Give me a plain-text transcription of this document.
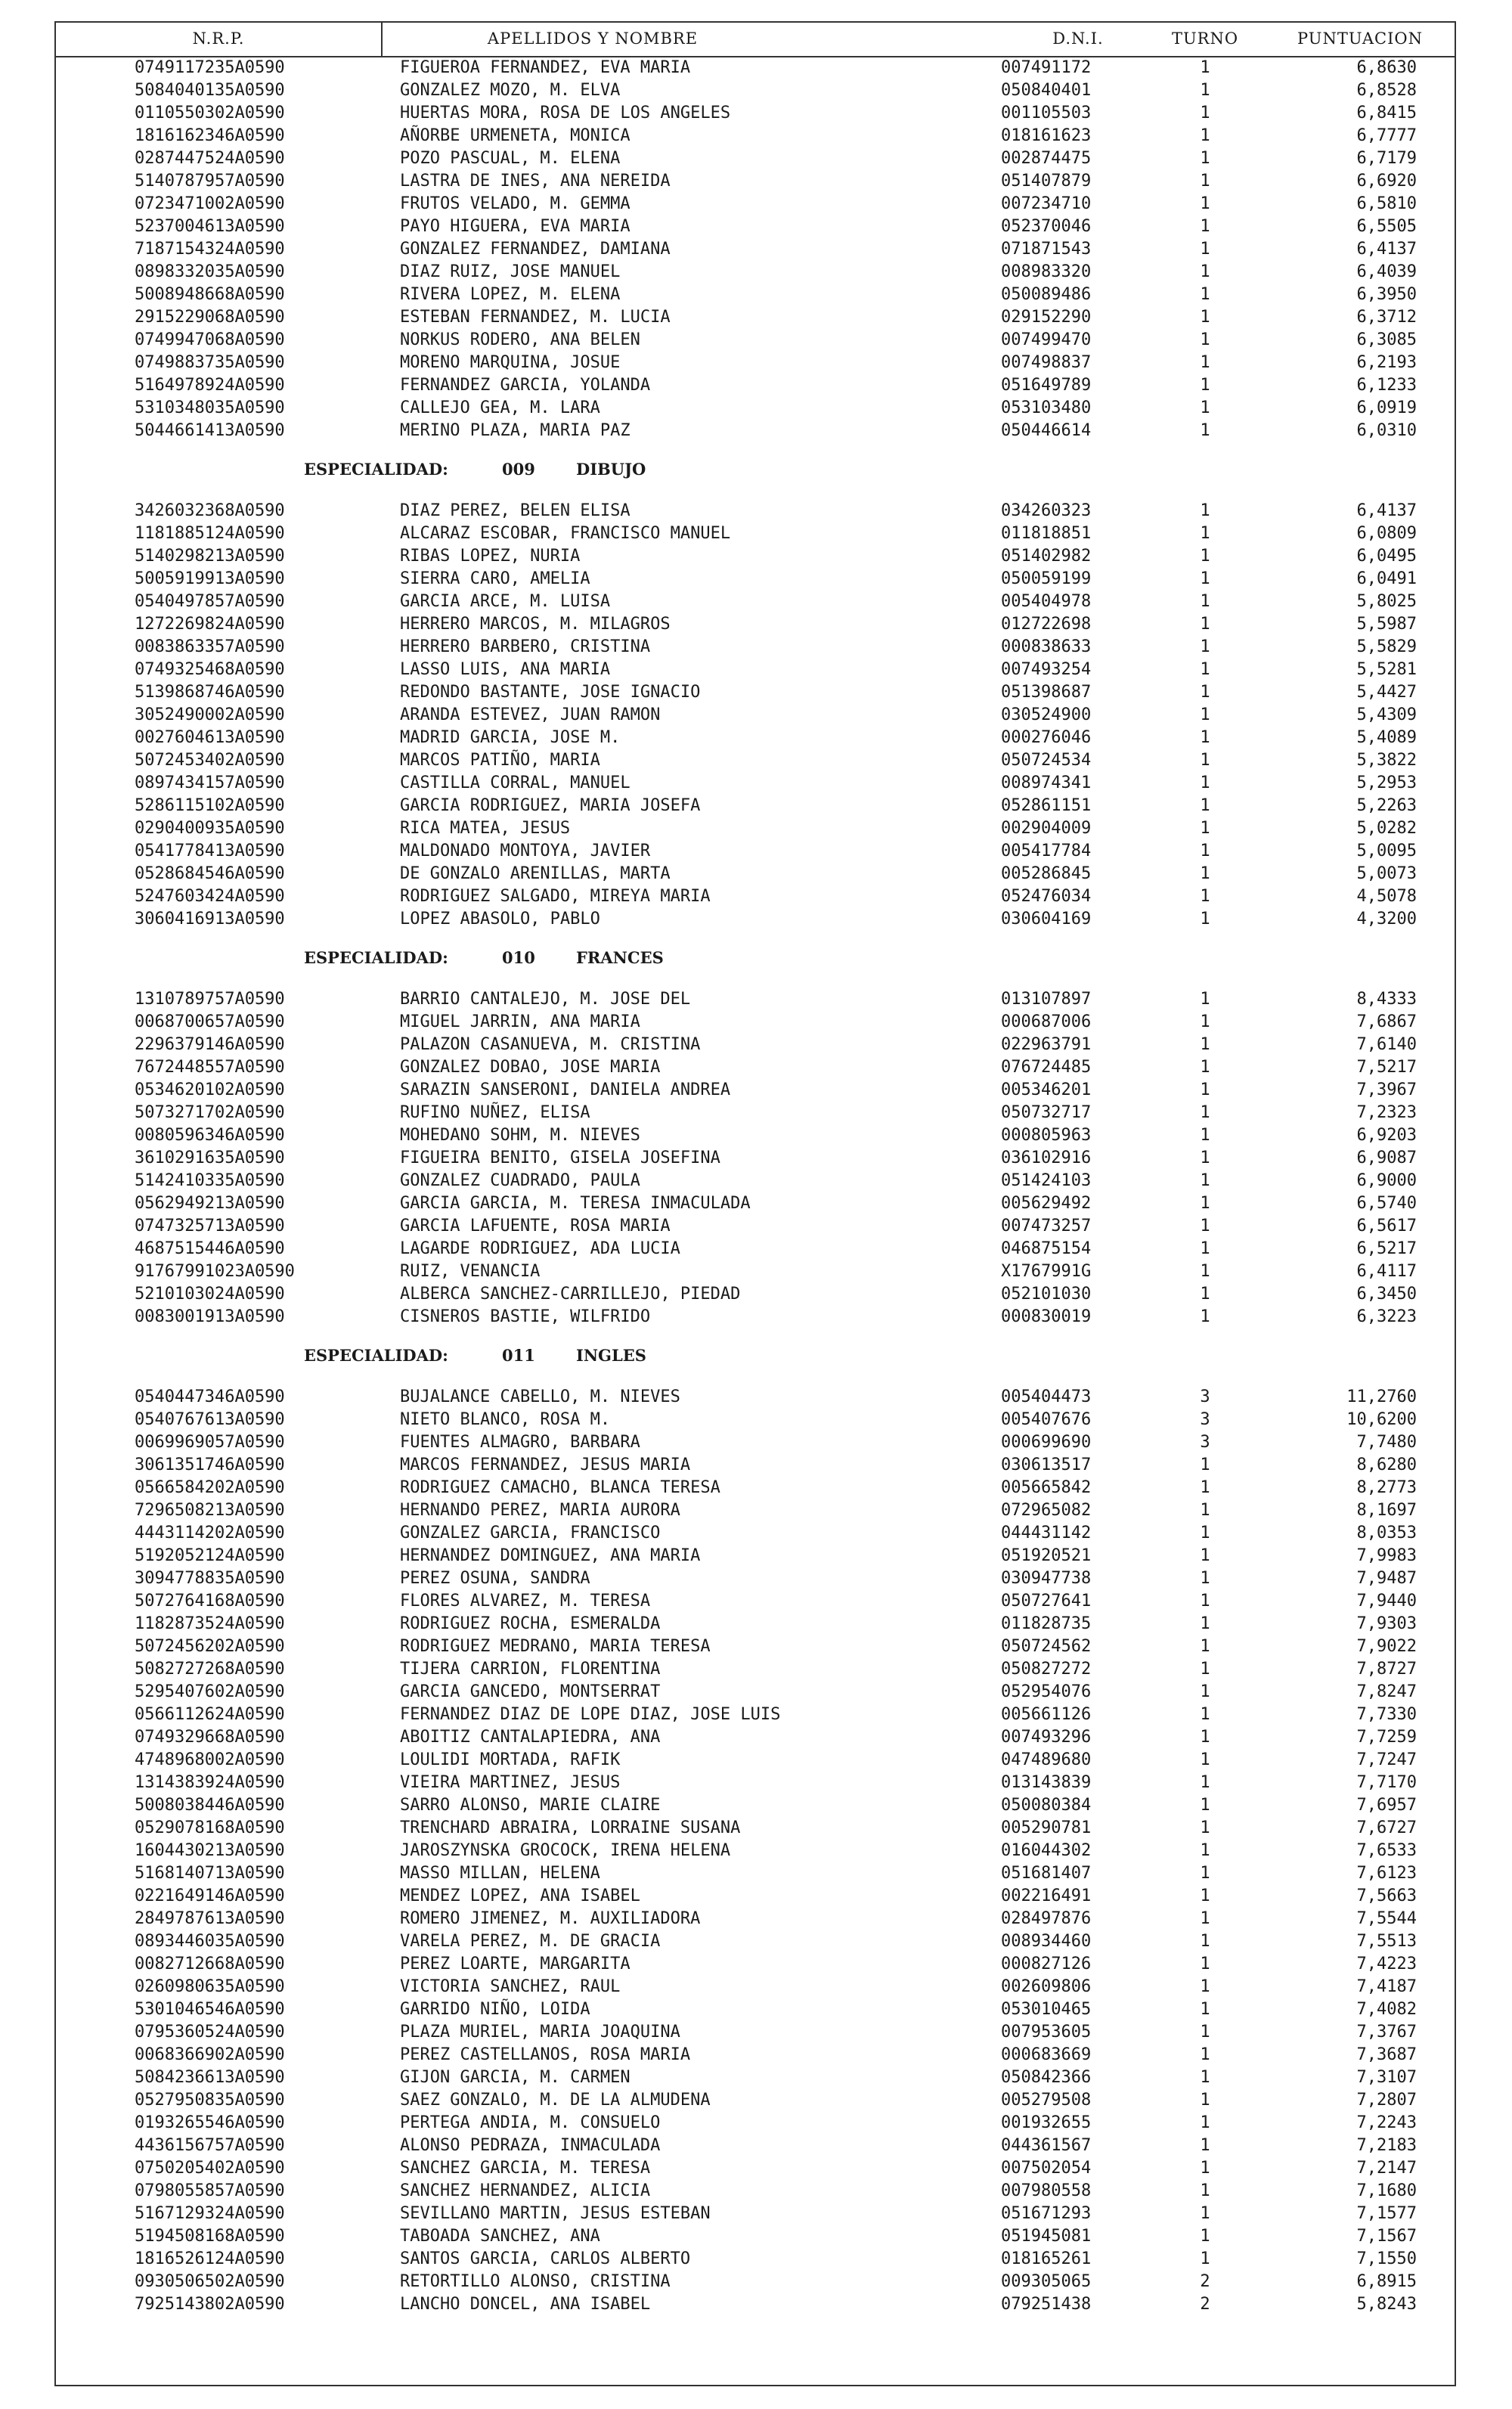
N.R.P.	APELLIDOS Y NOMBRE	D.N.I.	TURNO	PUNTUACION
0749117235A0590	FIGUEROA FERNANDEZ, EVA MARIA	007491172	1	6,8630
5084040135A0590	GONZALEZ MOZO, M. ELVA	050840401	1	6,8528
0110550302A0590	HUERTAS MORA, ROSA DE LOS ANGELES	001105503	1	6,8415
1816162346A0590	AÑORBE URMENETA, MONICA	018161623	1	6,7777
0287447524A0590	POZO PASCUAL, M. ELENA	002874475	1	6,7179
5140787957A0590	LASTRA DE INES, ANA NEREIDA	051407879	1	6,6920
0723471002A0590	FRUTOS VELADO, M. GEMMA	007234710	1	6,5810
5237004613A0590	PAYO HIGUERA, EVA MARIA	052370046	1	6,5505
7187154324A0590	GONZALEZ FERNANDEZ, DAMIANA	071871543	1	6,4137
0898332035A0590	DIAZ RUIZ, JOSE MANUEL	008983320	1	6,4039
5008948668A0590	RIVERA LOPEZ, M. ELENA	050089486	1	6,3950
2915229068A0590	ESTEBAN FERNANDEZ, M. LUCIA	029152290	1	6,3712
0749947068A0590	NORKUS RODERO, ANA BELEN	007499470	1	6,3085
0749883735A0590	MORENO MARQUINA, JOSUE	007498837	1	6,2193
5164978924A0590	FERNANDEZ GARCIA, YOLANDA	051649789	1	6,1233
5310348035A0590	CALLEJO GEA, M. LARA	053103480	1	6,0919
5044661413A0590	MERINO PLAZA, MARIA PAZ	050446614	1	6,0310
ESPECIALIDAD:	009	DIBUJO
3426032368A0590	DIAZ PEREZ, BELEN ELISA	034260323	1	6,4137
1181885124A0590	ALCARAZ ESCOBAR, FRANCISCO MANUEL	011818851	1	6,0809
5140298213A0590	RIBAS LOPEZ, NURIA	051402982	1	6,0495
5005919913A0590	SIERRA CARO, AMELIA	050059199	1	6,0491
0540497857A0590	GARCIA ARCE, M. LUISA	005404978	1	5,8025
1272269824A0590	HERRERO MARCOS, M. MILAGROS	012722698	1	5,5987
0083863357A0590	HERRERO BARBERO, CRISTINA	000838633	1	5,5829
0749325468A0590	LASSO LUIS, ANA MARIA	007493254	1	5,5281
5139868746A0590	REDONDO BASTANTE, JOSE IGNACIO	051398687	1	5,4427
3052490002A0590	ARANDA ESTEVEZ, JUAN RAMON	030524900	1	5,4309
0027604613A0590	MADRID GARCIA, JOSE M.	000276046	1	5,4089
5072453402A0590	MARCOS PATIÑO, MARIA	050724534	1	5,3822
0897434157A0590	CASTILLA CORRAL, MANUEL	008974341	1	5,2953
5286115102A0590	GARCIA RODRIGUEZ, MARIA JOSEFA	052861151	1	5,2263
0290400935A0590	RICA MATEA, JESUS	002904009	1	5,0282
0541778413A0590	MALDONADO MONTOYA, JAVIER	005417784	1	5,0095
0528684546A0590	DE GONZALO ARENILLAS, MARTA	005286845	1	5,0073
5247603424A0590	RODRIGUEZ SALGADO, MIREYA MARIA	052476034	1	4,5078
3060416913A0590	LOPEZ ABASOLO, PABLO	030604169	1	4,3200
ESPECIALIDAD:	010	FRANCES
1310789757A0590	BARRIO CANTALEJO, M. JOSE DEL	013107897	1	8,4333
0068700657A0590	MIGUEL JARRIN, ANA MARIA	000687006	1	7,6867
2296379146A0590	PALAZON CASANUEVA, M. CRISTINA	022963791	1	7,6140
7672448557A0590	GONZALEZ DOBAO, JOSE MARIA	076724485	1	7,5217
0534620102A0590	SARAZIN SANSERONI, DANIELA ANDREA	005346201	1	7,3967
5073271702A0590	RUFINO NUÑEZ, ELISA	050732717	1	7,2323
0080596346A0590	MOHEDANO SOHM, M. NIEVES	000805963	1	6,9203
3610291635A0590	FIGUEIRA BENITO, GISELA JOSEFINA	036102916	1	6,9087
5142410335A0590	GONZALEZ CUADRADO, PAULA	051424103	1	6,9000
0562949213A0590	GARCIA GARCIA, M. TERESA INMACULADA	005629492	1	6,5740
0747325713A0590	GARCIA LAFUENTE, ROSA MARIA	007473257	1	6,5617
4687515446A0590	LAGARDE RODRIGUEZ, ADA LUCIA	046875154	1	6,5217
91767991023A0590	RUIZ, VENANCIA	X1767991G	1	6,4117
5210103024A0590	ALBERCA SANCHEZ-CARRILLEJO, PIEDAD	052101030	1	6,3450
0083001913A0590	CISNEROS BASTIE, WILFRIDO	000830019	1	6,3223
ESPECIALIDAD:	011	INGLES
0540447346A0590	BUJALANCE CABELLO, M. NIEVES	005404473	3	11,2760
0540767613A0590	NIETO BLANCO, ROSA M.	005407676	3	10,6200
0069969057A0590	FUENTES ALMAGRO, BARBARA	000699690	3	7,7480
3061351746A0590	MARCOS FERNANDEZ, JESUS MARIA	030613517	1	8,6280
0566584202A0590	RODRIGUEZ CAMACHO, BLANCA TERESA	005665842	1	8,2773
7296508213A0590	HERNANDO PEREZ, MARIA AURORA	072965082	1	8,1697
4443114202A0590	GONZALEZ GARCIA, FRANCISCO	044431142	1	8,0353
5192052124A0590	HERNANDEZ DOMINGUEZ, ANA MARIA	051920521	1	7,9983
3094778835A0590	PEREZ OSUNA, SANDRA	030947738	1	7,9487
5072764168A0590	FLORES ALVAREZ, M. TERESA	050727641	1	7,9440
1182873524A0590	RODRIGUEZ ROCHA, ESMERALDA	011828735	1	7,9303
5072456202A0590	RODRIGUEZ MEDRANO, MARIA TERESA	050724562	1	7,9022
5082727268A0590	TIJERA CARRION, FLORENTINA	050827272	1	7,8727
5295407602A0590	GARCIA GANCEDO, MONTSERRAT	052954076	1	7,8247
0566112624A0590	FERNANDEZ DIAZ DE LOPE DIAZ, JOSE LUIS	005661126	1	7,7330
0749329668A0590	ABOITIZ CANTALAPIEDRA, ANA	007493296	1	7,7259
4748968002A0590	LOULIDI MORTADA, RAFIK	047489680	1	7,7247
1314383924A0590	VIEIRA MARTINEZ, JESUS	013143839	1	7,7170
5008038446A0590	SARRO ALONSO, MARIE CLAIRE	050080384	1	7,6957
0529078168A0590	TRENCHARD ABRAIRA, LORRAINE SUSANA	005290781	1	7,6727
1604430213A0590	JAROSZYNSKA GROCOCK, IRENA HELENA	016044302	1	7,6533
5168140713A0590	MASSO MILLAN, HELENA	051681407	1	7,6123
0221649146A0590	MENDEZ LOPEZ, ANA ISABEL	002216491	1	7,5663
2849787613A0590	ROMERO JIMENEZ, M. AUXILIADORA	028497876	1	7,5544
0893446035A0590	VARELA PEREZ, M. DE GRACIA	008934460	1	7,5513
0082712668A0590	PEREZ LOARTE, MARGARITA	000827126	1	7,4223
0260980635A0590	VICTORIA SANCHEZ, RAUL	002609806	1	7,4187
5301046546A0590	GARRIDO NIÑO, LOIDA	053010465	1	7,4082
0795360524A0590	PLAZA MURIEL, MARIA JOAQUINA	007953605	1	7,3767
0068366902A0590	PEREZ CASTELLANOS, ROSA MARIA	000683669	1	7,3687
5084236613A0590	GIJON GARCIA, M. CARMEN	050842366	1	7,3107
0527950835A0590	SAEZ GONZALO, M. DE LA ALMUDENA	005279508	1	7,2807
0193265546A0590	PERTEGA ANDIA, M. CONSUELO	001932655	1	7,2243
4436156757A0590	ALONSO PEDRAZA, INMACULADA	044361567	1	7,2183
0750205402A0590	SANCHEZ GARCIA, M. TERESA	007502054	1	7,2147
0798055857A0590	SANCHEZ HERNANDEZ, ALICIA	007980558	1	7,1680
5167129324A0590	SEVILLANO MARTIN, JESUS ESTEBAN	051671293	1	7,1577
5194508168A0590	TABOADA SANCHEZ, ANA	051945081	1	7,1567
1816526124A0590	SANTOS GARCIA, CARLOS ALBERTO	018165261	1	7,1550
0930506502A0590	RETORTILLO ALONSO, CRISTINA	009305065	2	6,8915
7925143802A0590	LANCHO DONCEL, ANA ISABEL	079251438	2	5,8243
